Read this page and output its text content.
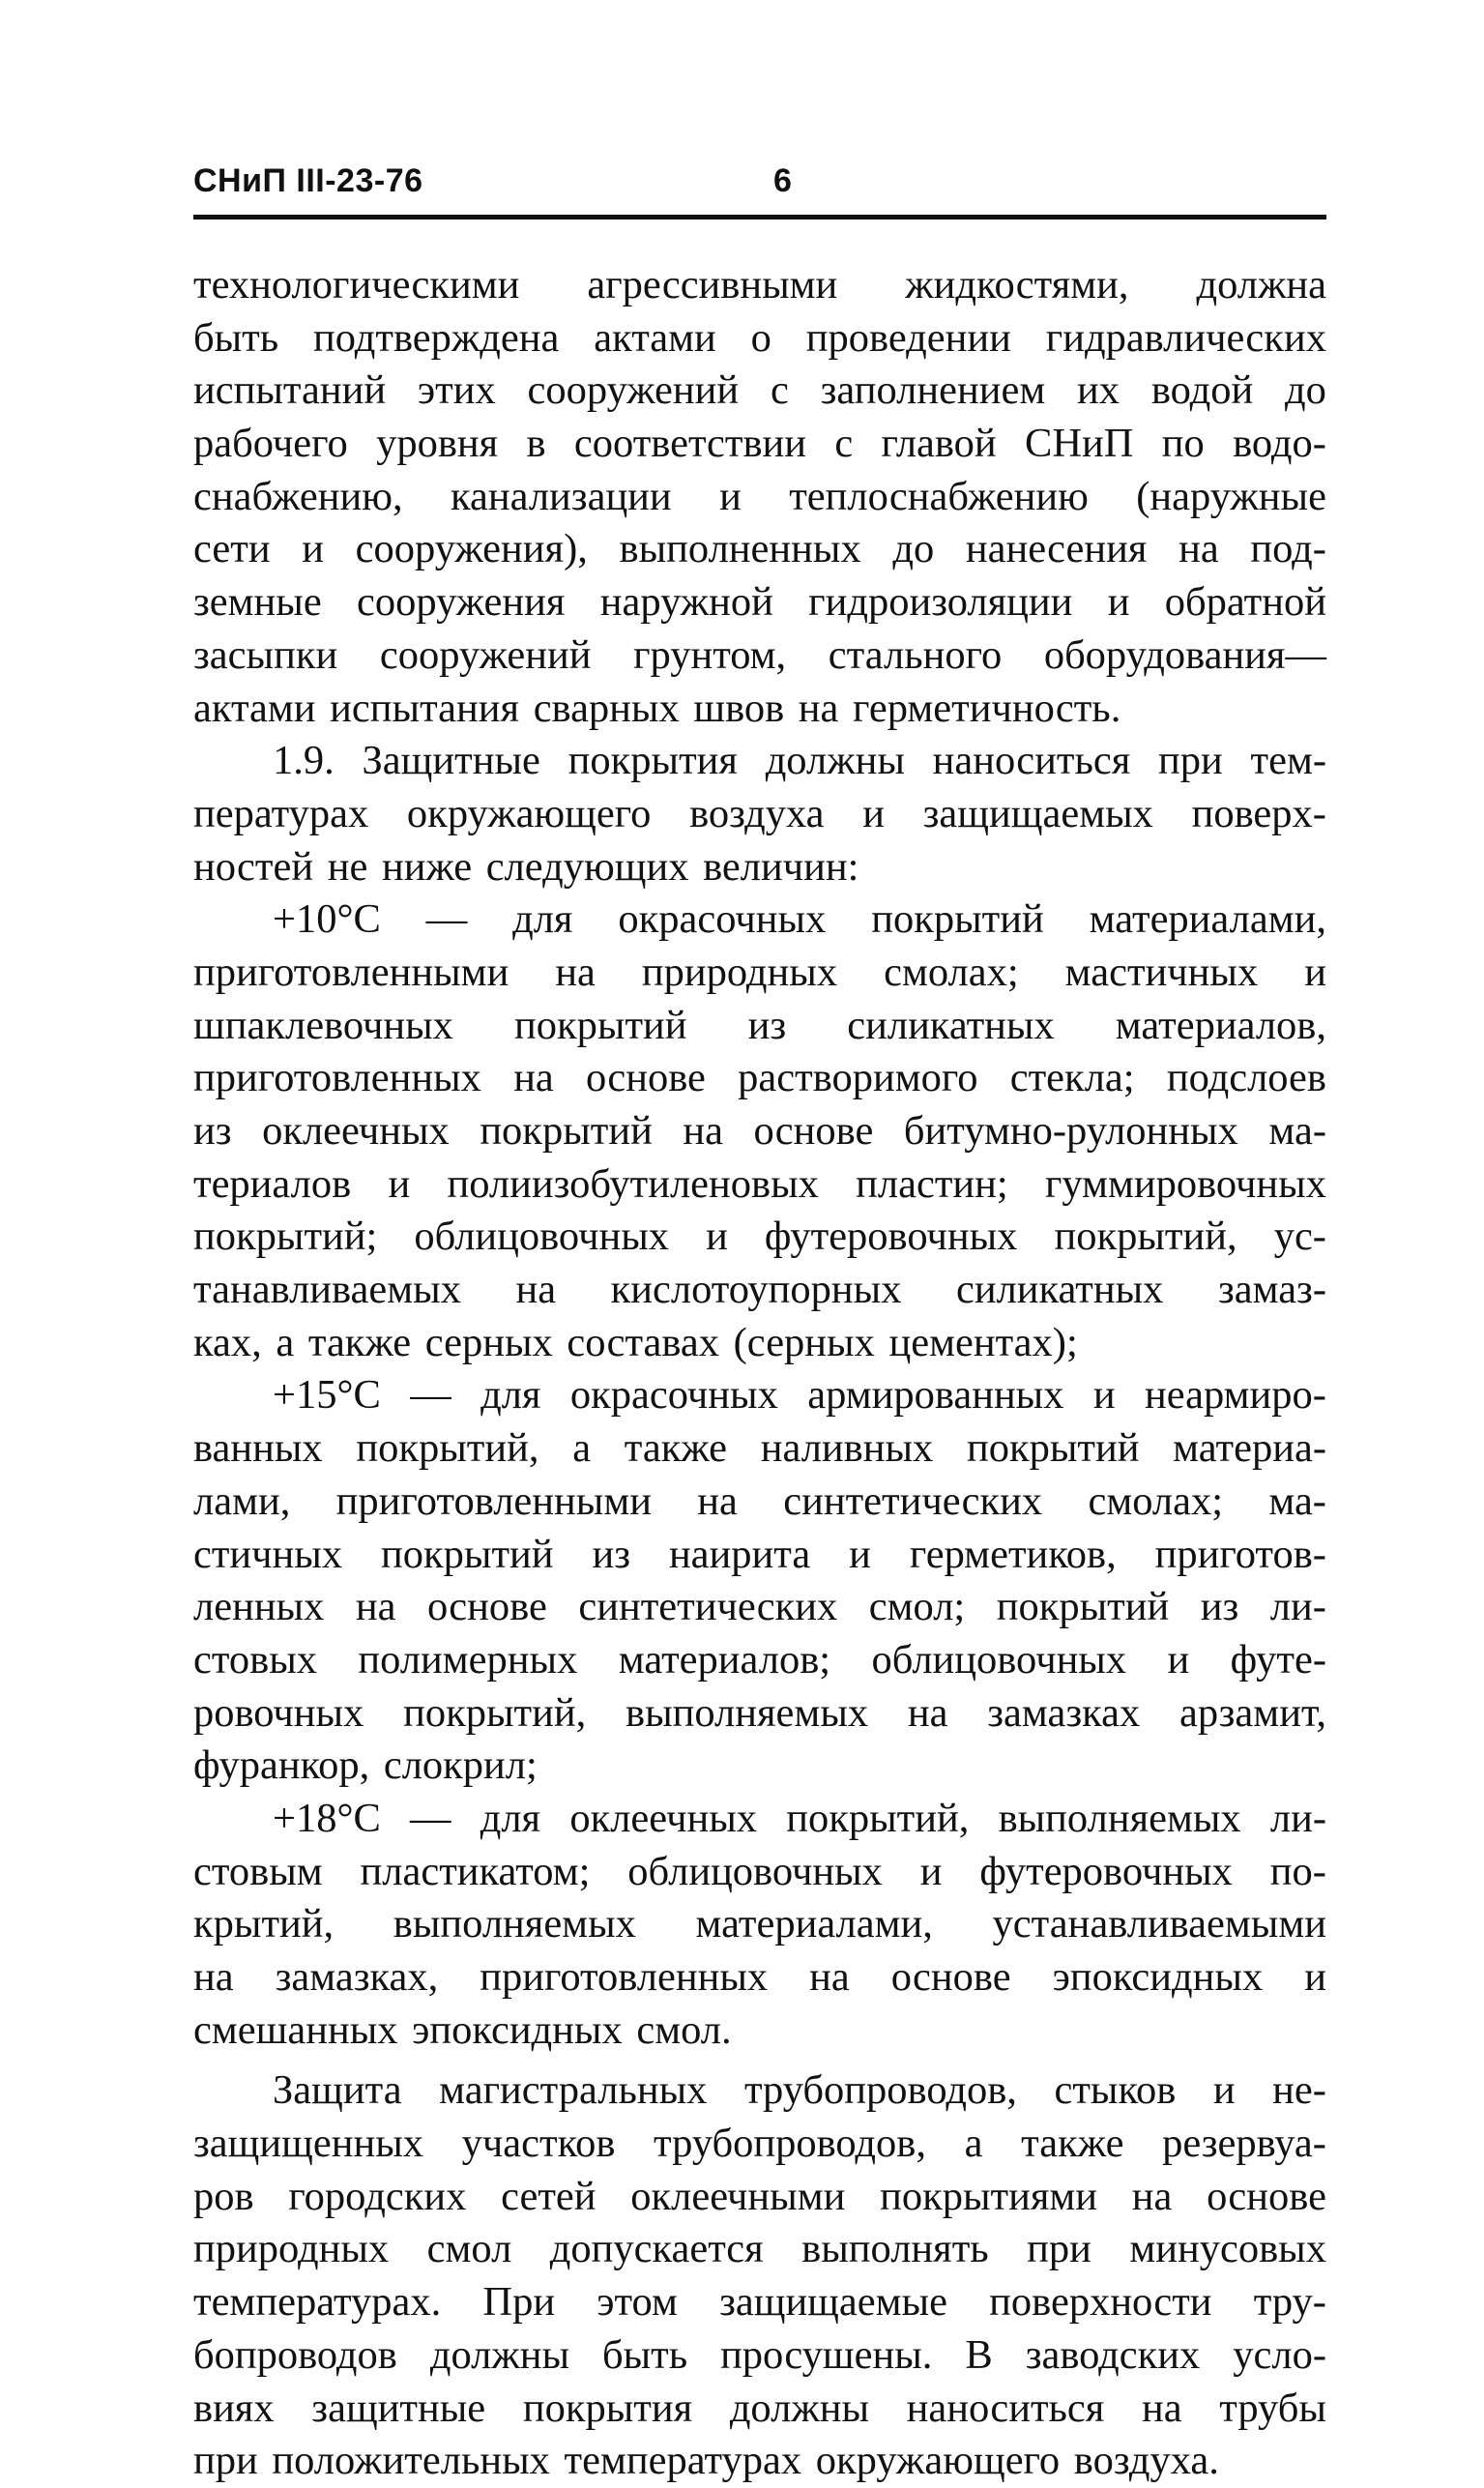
СНиП III-23-76	6
технологическими агрессивными жидкостями, должна
быть подтверждена актами о проведении гидравлических
испытаний этих сооружений с заполнением их водой до
рабочего уровня в соответствии с главой СНиП по водо-
снабжению, канализации и теплоснабжению (наружные
сети и сооружения), выполненных до нанесения на под-
земные сооружения наружной гидроизоляции и обратной
засыпки сооружений грунтом, стального оборудования—
актами испытания сварных швов на герметичность.
1.9. Защитные покрытия должны наноситься при тем-
пературах окружающего воздуха и защищаемых поверх-
ностей не ниже следующих величин:
+10°С — для окрасочных покрытий материалами,
приготовленными на природных смолах; мастичных и
шпаклевочных покрытий из силикатных материалов,
приготовленных на основе растворимого стекла; подслоев
из оклеечных покрытий на основе битумно-рулонных ма-
териалов и полиизобутиленовых пластин; гуммировочных
покрытий; облицовочных и футеровочных покрытий, ус-
танавливаемых на кислотоупорных силикатных замаз-
ках, а также серных составах (серных цементах);
+15°С — для окрасочных армированных и неармиро-
ванных покрытий, а также наливных покрытий материа-
лами, приготовленными на синтетических смолах; ма-
стичных покрытий из наирита и герметиков, приготов-
ленных на основе синтетических смол; покрытий из ли-
стовых полимерных материалов; облицовочных и футе-
ровочных покрытий, выполняемых на замазках арзамит,
фуранкор, слокрил;
+18°С — для оклеечных покрытий, выполняемых ли-
стовым пластикатом; облицовочных и футеровочных по-
крытий, выполняемых материалами, устанавливаемыми
на замазках, приготовленных на основе эпоксидных и
смешанных эпоксидных смол.
Защита магистральных трубопроводов, стыков и не-
защищенных участков трубопроводов, а также резервуа-
ров городских сетей оклеечными покрытиями на основе
природных смол допускается выполнять при минусовых
температурах. При этом защищаемые поверхности тру-
бопроводов должны быть просушены. В заводских усло-
виях защитные покрытия должны наноситься на трубы
при положительных температурах окружающего воздуха.
